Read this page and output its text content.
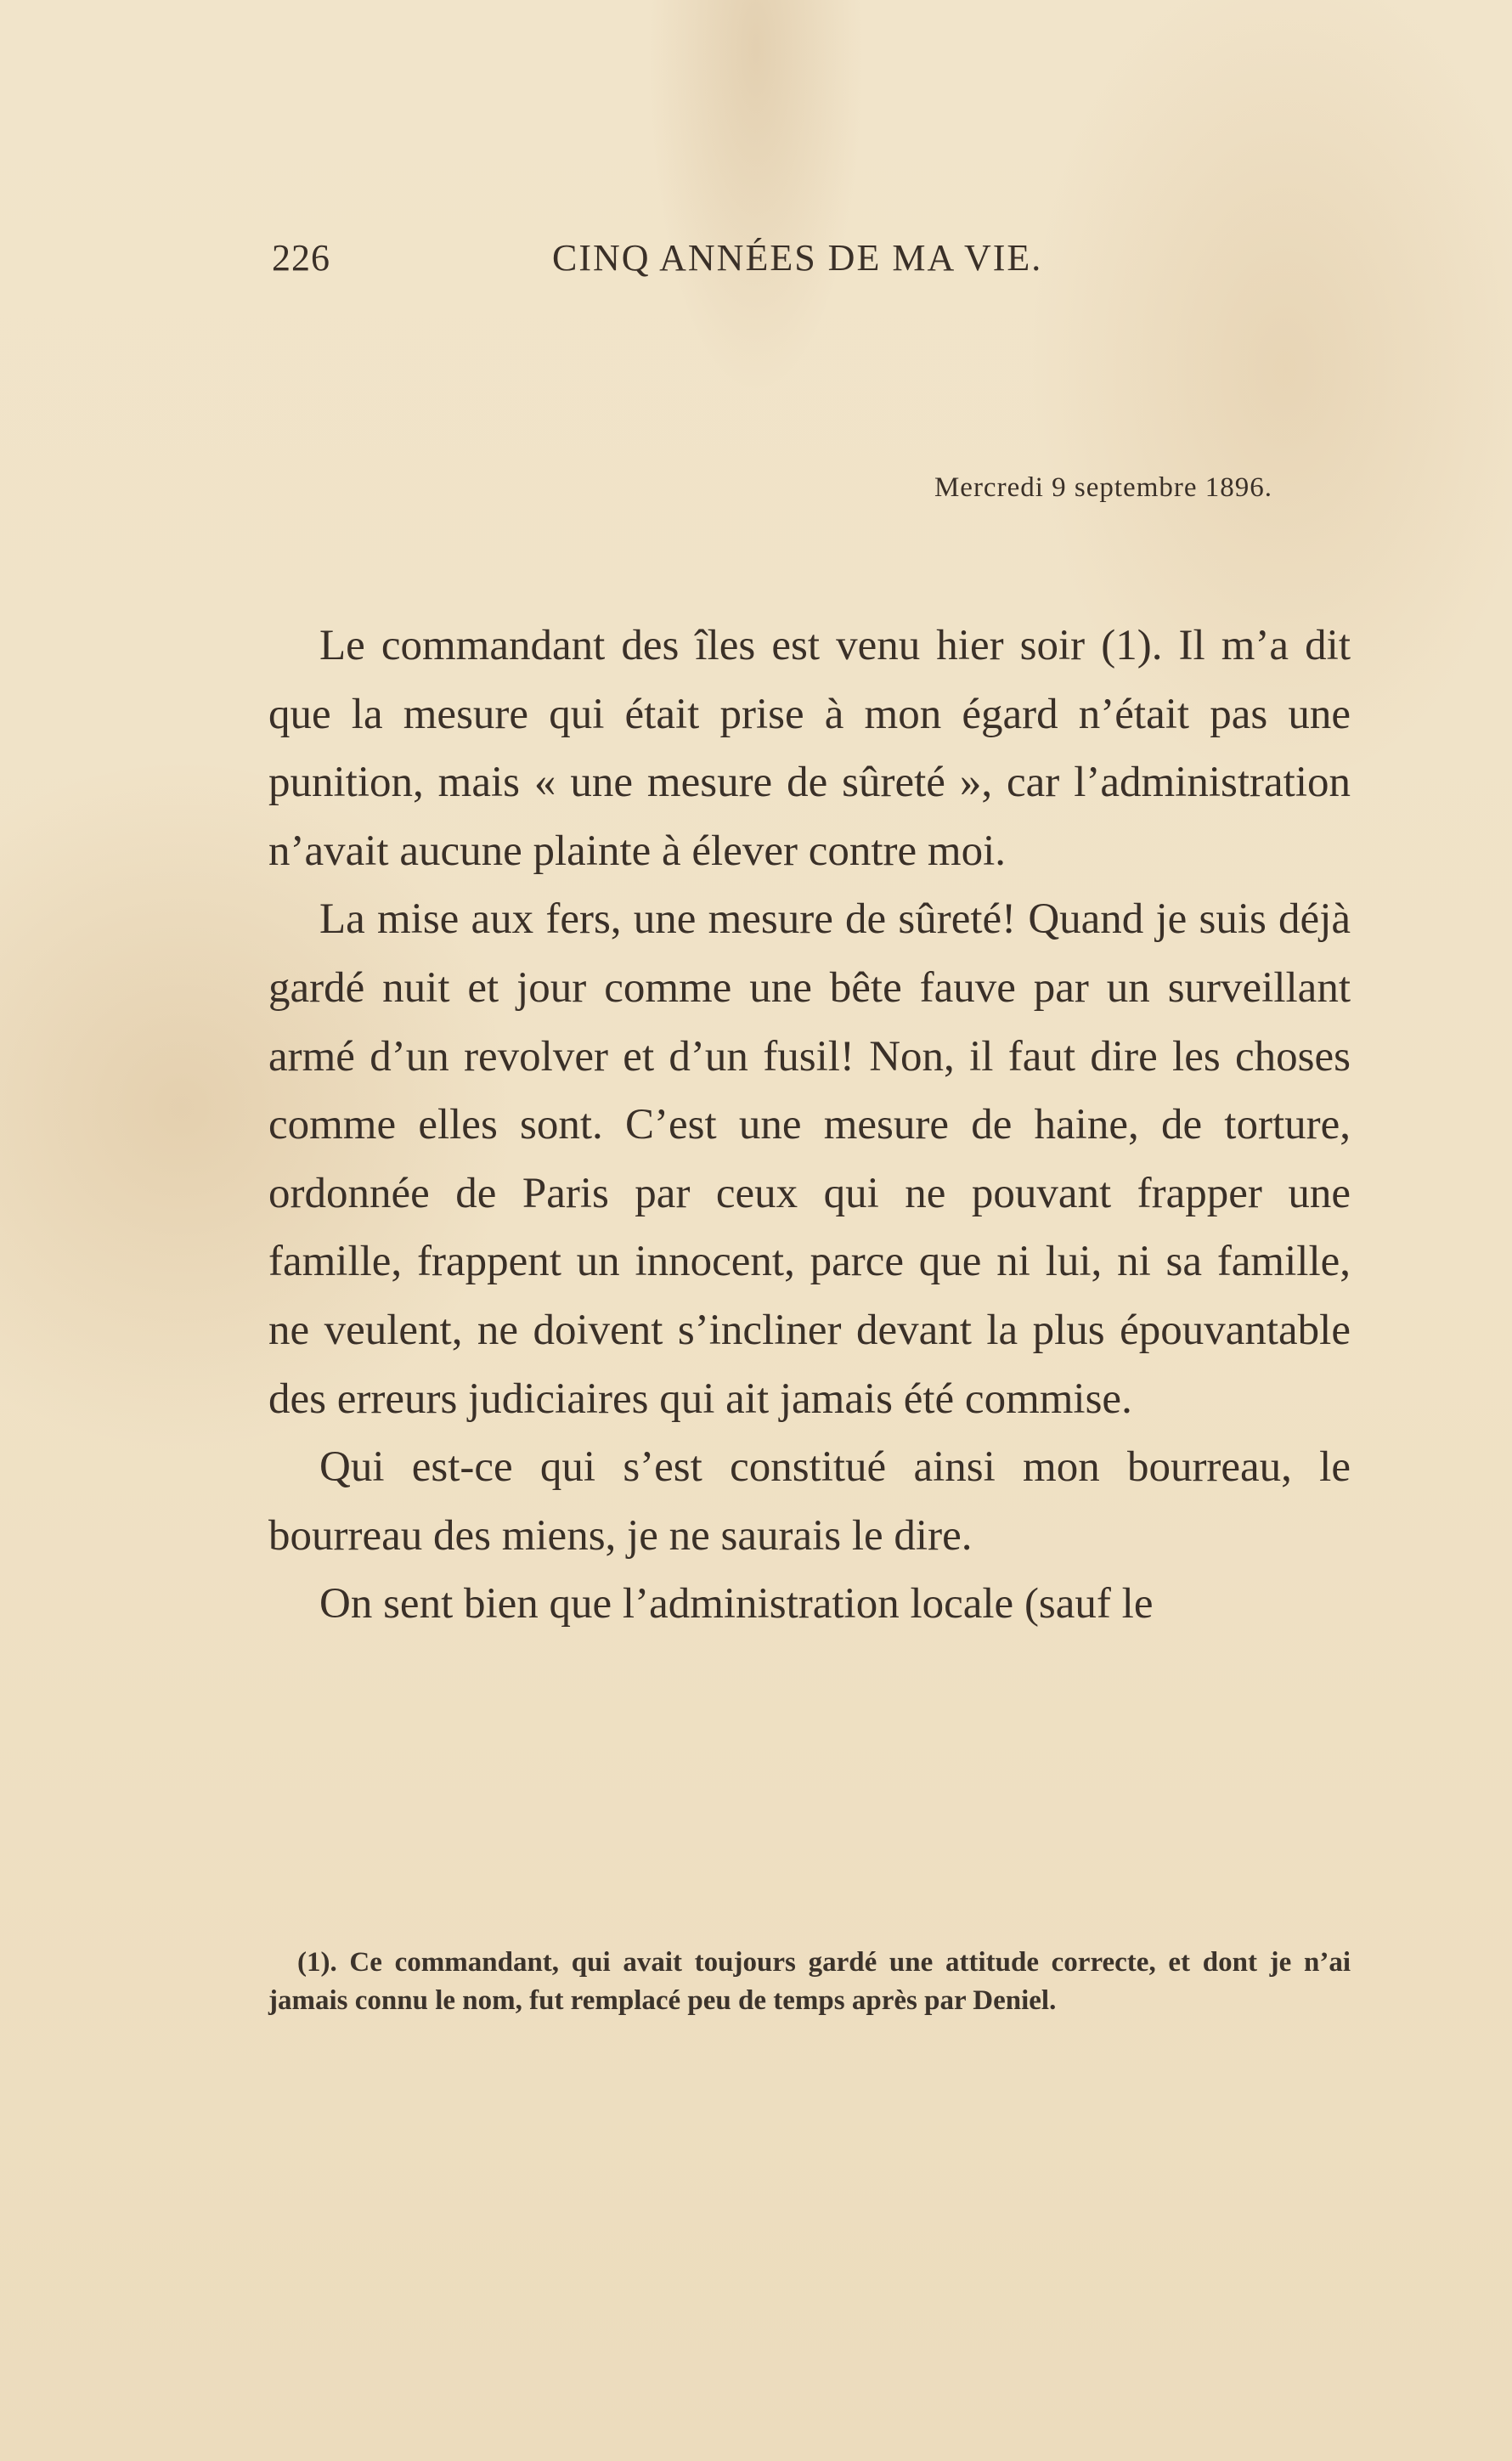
226	CINQ ANNÉES DE MA VIE.
Mercredi 9 septembre 1896.

Le commandant des îles est venu hier soir (1). Il m’a dit que la mesure qui était prise à mon égard n’était pas une punition, mais « une mesure de sûreté », car l’administration n’avait aucune plainte à élever contre moi.

La mise aux fers, une mesure de sûreté! Quand je suis déjà gardé nuit et jour comme une bête fauve par un surveillant armé d’un revolver et d’un fusil! Non, il faut dire les choses comme elles sont. C’est une mesure de haine, de torture, ordonnée de Paris par ceux qui ne pouvant frapper une famille, frappent un innocent, parce que ni lui, ni sa famille, ne veulent, ne doivent s’incliner devant la plus épouvantable des erreurs judiciaires qui ait jamais été commise.

Qui est-ce qui s’est constitué ainsi mon bourreau, le bourreau des miens, je ne saurais le dire.

On sent bien que l’administration locale (sauf le

(1). Ce commandant, qui avait toujours gardé une attitude correcte, et dont je n’ai jamais connu le nom, fut remplacé peu de temps après par Deniel.
